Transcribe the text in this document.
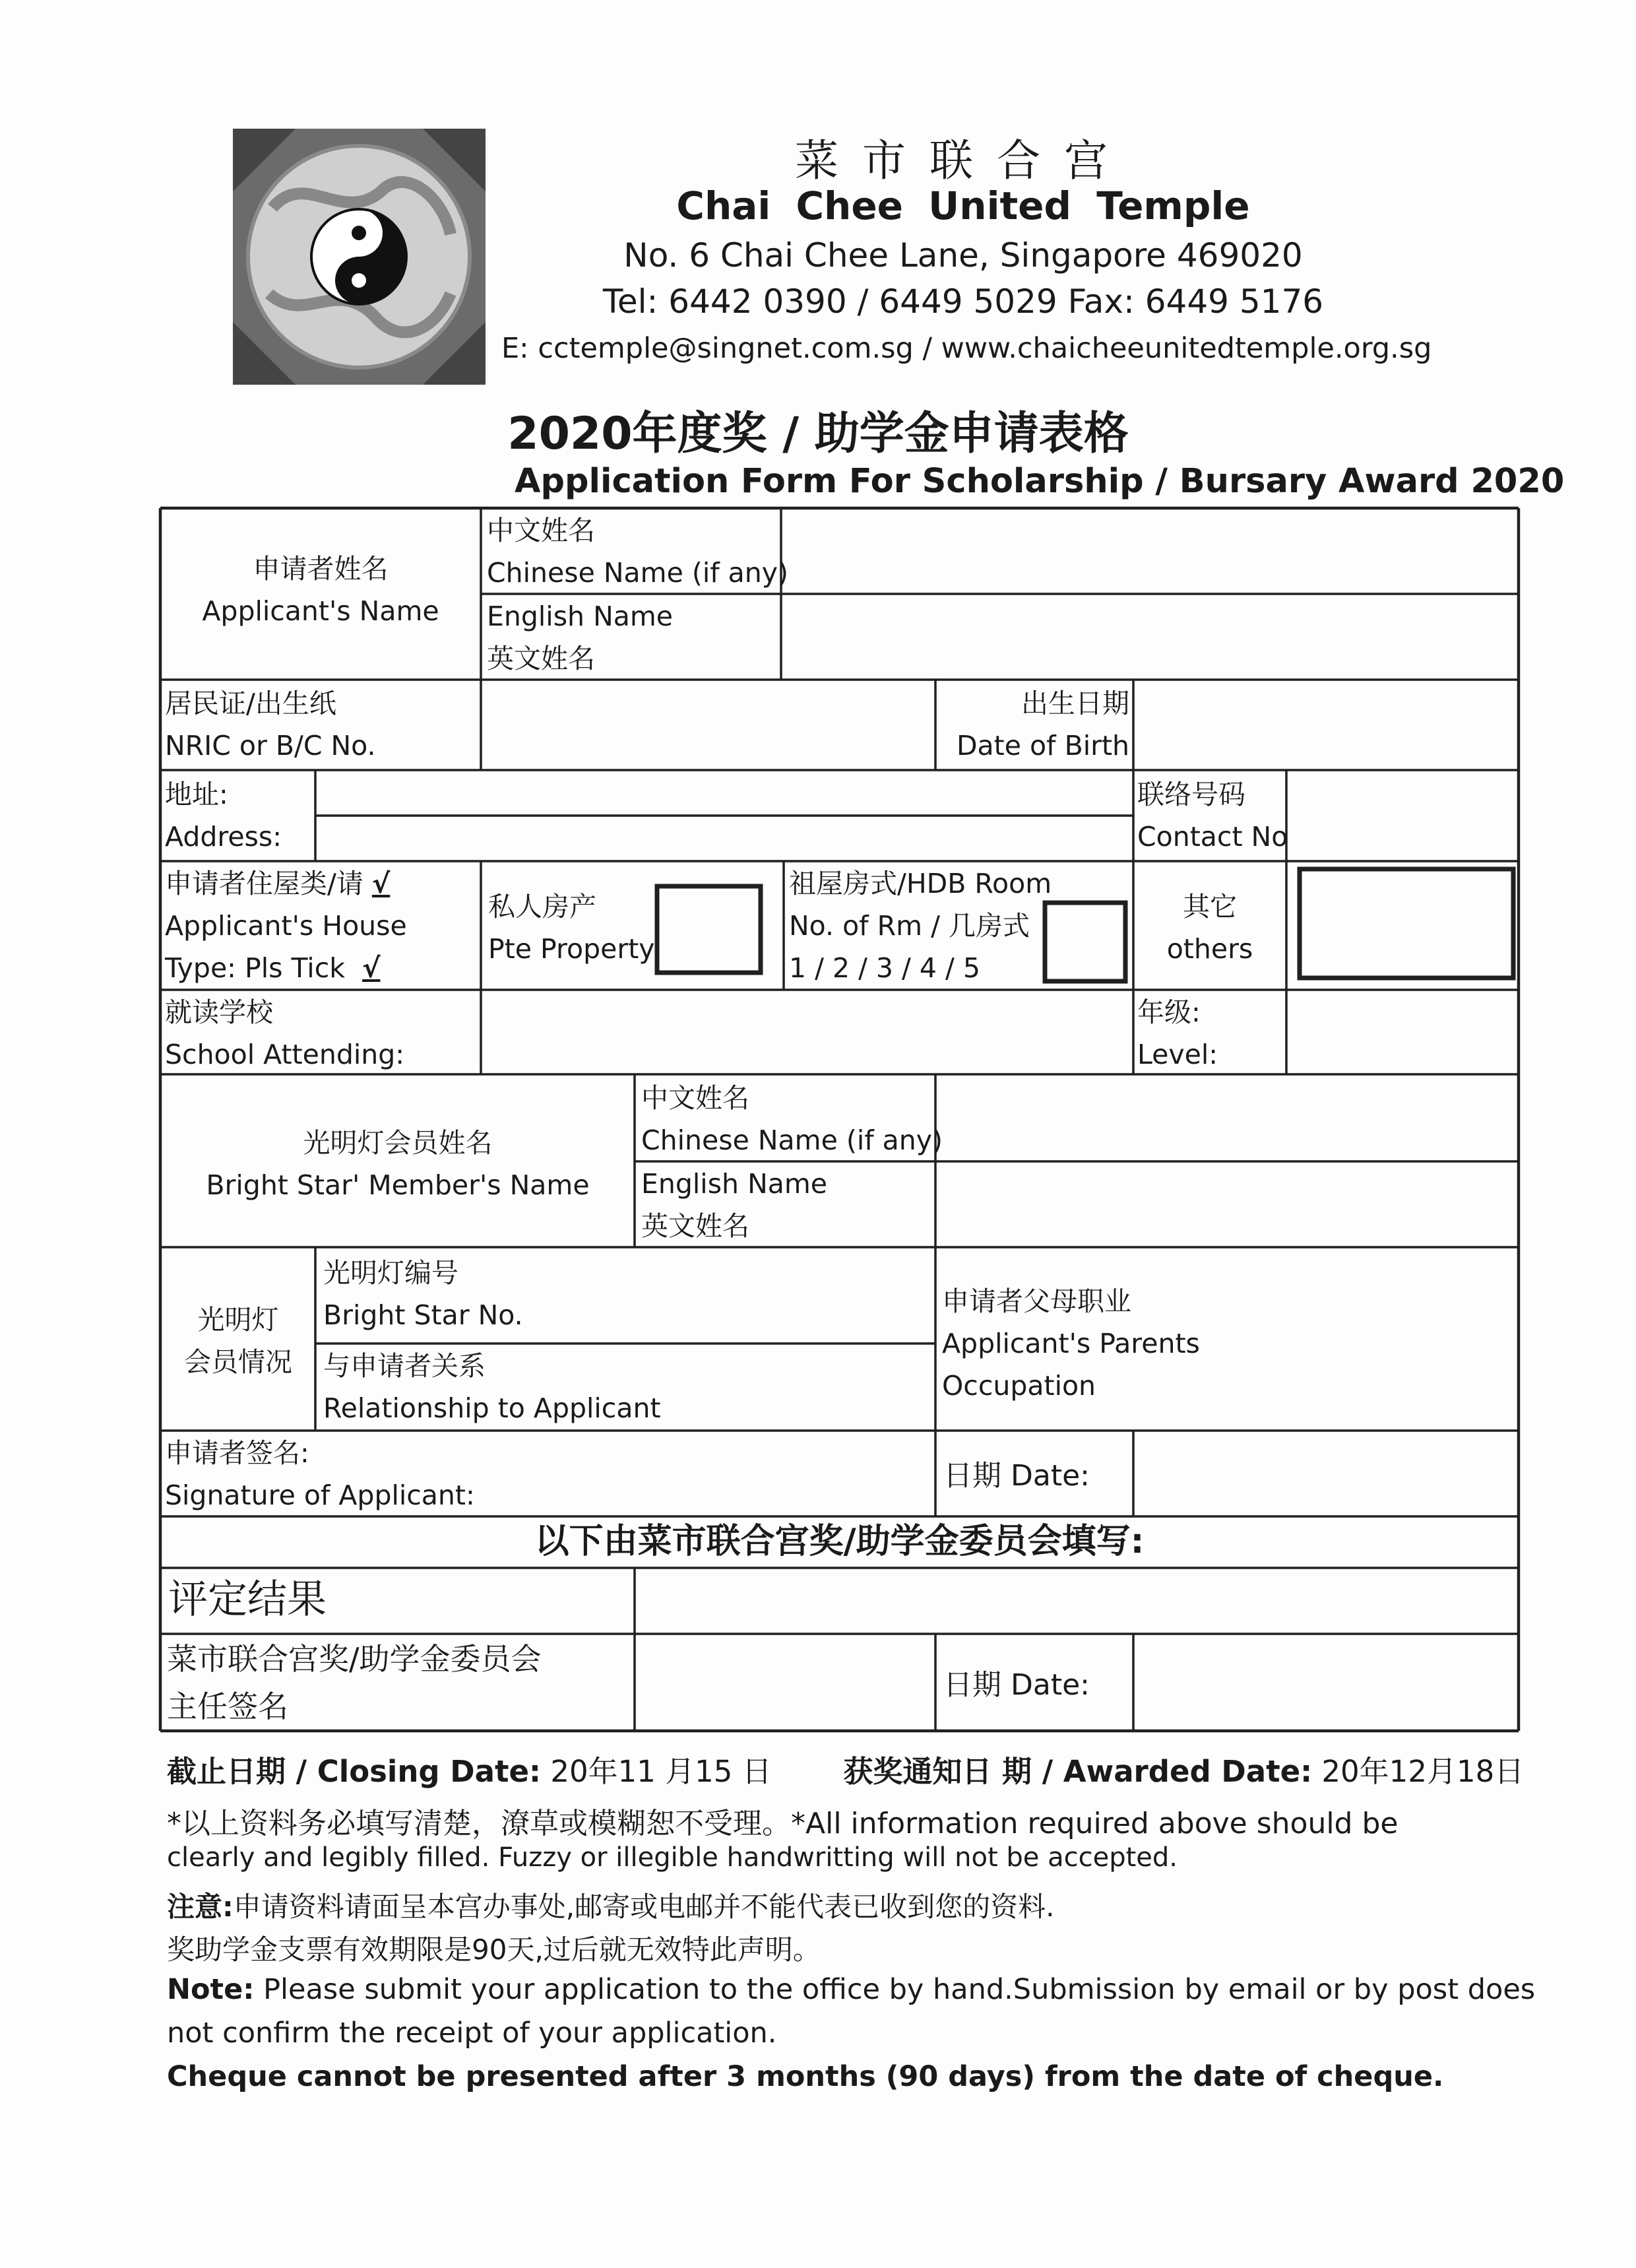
菜市联合宫
Chai Chee United Temple
No. 6 Chai Chee Lane, Singapore 469020
Tel: 6442 0390 / 6449 5029 Fax: 6449 5176
E: cctemple@singnet.com.sg / www.chaicheeunitedtemple.org.sg
2020年度奖 / 助学金申请表格
Application Form For Scholarship / Bursary Award 2020
申请者姓名
Applicant's Name
中文姓名
Chinese Name (if any)
English Name
英文姓名
居民证/出生纸
NRIC or B/C No.
出生日期
Date of Birth
地址:
Address:
联络号码
Contact No
申请者住屋类/请 √
Applicant's House
Type: Pls Tick √
私人房产
Pte Property
祖屋房式/HDB Room
No. of Rm / 几房式
1 / 2 / 3 / 4 / 5
其它
others
就读学校
School Attending:
年级:
Level:
光明灯会员姓名
Bright Star' Member's Name
中文姓名
Chinese Name (if any)
English Name
英文姓名
光明灯
会员情况
光明灯编号
Bright Star No.
与申请者关系
Relationship to Applicant
申请者父母职业
Applicant's Parents
Occupation
申请者签名:
Signature of Applicant:
日期 Date:
以下由菜市联合宫奖/助学金委员会填写:
评定结果
菜市联合宫奖/助学金委员会
主任签名
日期 Date:
截止日期 / Closing Date: 20年11 月15 日 获奖通知日 期 / Awarded Date: 20年12月18日
*以上资料务必填写清楚，潦草或模糊恕不受理。*All information required above should be
clearly and legibly filled. Fuzzy or illegible handwritting will not be accepted.
注意:申请资料请面呈本宫办事处,邮寄或电邮并不能代表已收到您的资料.
奖助学金支票有效期限是90天,过后就无效特此声明。
Note: Please submit your application to the office by hand.Submission by email or by post does
not confirm the receipt of your application.
Cheque cannot be presented after 3 months (90 days) from the date of cheque.
